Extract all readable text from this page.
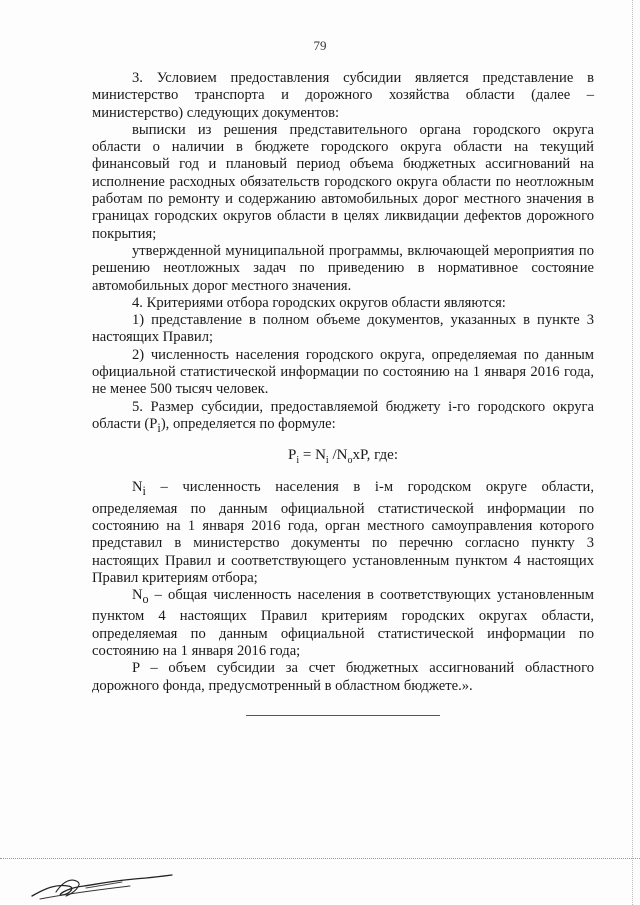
79

3. Условием предоставления субсидии является представление в министерство транспорта и дорожного хозяйства области (далее – министерство) следующих документов:

выписки из решения представительного органа городского округа области о наличии в бюджете городского округа области на текущий финансовый год и плановый период объема бюджетных ассигнований на исполнение расходных обязательств городского округа области по неотложным работам по ремонту и содержанию автомобильных дорог местного значения в границах городских округов области в целях ликвидации дефектов дорожного покрытия;

утвержденной муниципальной программы, включающей мероприятия по решению неотложных задач по приведению в нормативное состояние автомобильных дорог местного значения.

4. Критериями отбора городских округов области являются:

1) представление в полном объеме документов, указанных в пункте 3 настоящих Правил;

2) численность населения городского округа, определяемая по данным официальной статистической информации по состоянию на 1 января 2016 года, не менее 500 тысяч человек.

5. Размер субсидии, предоставляемой бюджету i-го городского округа области $(P_i)$, определяется по формуле:

$P_i = N_i$ $/N_oxP$, где:

$N_i$ – численность населения в i-м городском округе области, определяемая по данным официальной статистической информации по состоянию на 1 января 2016 года, орган местного самоуправления которого представил в министерство документы по перечню согласно пункту 3 настоящих Правил и соответствующего установленным пунктом 4 настоящих Правил критериям отбора;

$N_o$ – общая численность населения в соответствующих установленным пунктом 4 настоящих Правил критериям городских округах области, определяемая по данным официальной статистической информации по состоянию на 1 января 2016 года;

P – объем субсидии за счет бюджетных ассигнований областного дорожного фонда, предусмотренный в областном бюджете.».
